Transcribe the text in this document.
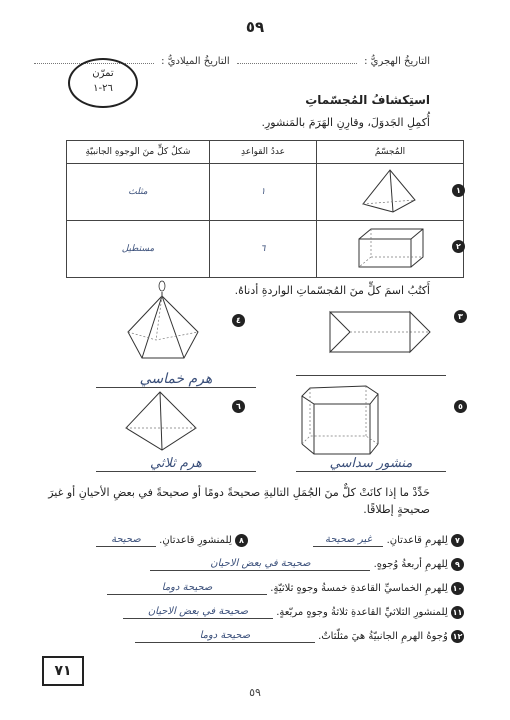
٥٩
التاريخُ الهجريُّ :  التاريخُ الميلاديُّ :
تمرّن
٢٦-١
استِكشافُ المُجسّماتِ
أُكمِلِ الجَدوَلَ، وقارِنِ الهَرَمَ بالمَنشورِ.
شكلُ كلٍّ منَ الوجوهِ الجانبيّةِ	عددُ القواعدِ	المُجسّمُ
مثلث	١	
مستطيل	٦	
١
٢
أَكتُبُ اسمَ كلٍّ منَ المُجسّماتِ الواردةِ أدناهُ.
٣
٤
هرم خماسي
٥
منشور سداسي
٦
هرم ثلاثي
حَدِّدْ ما إذا كانَتْ كلٌّ منَ الجُمَلِ التاليةِ صحيحةً دومًا أو صحيحةً في بعضِ الأحيانِ أو غيرَ صحيحةٍ إطلاقًا.
٧ لِلهرمِ قاعدتانِ. غير صحيحة
٨ لِلمنشورِ قاعدتانِ. صحيحة
٩ لِلهرمِ أربعةُ وُجوهٍ. صحيحة في بعض الاحيان
١٠ لِلهرمِ الخماسيِّ القاعدةِ خمسةُ وجوهٍ ثلاثيّةٍ. صحيحة دوما
١١ لِلمنشورِ الثلاثيِّ القاعدةِ ثلاثةُ وجوهٍ مربّعةٍ. صحيحة في بعض الاحيان
١٢ وُجوهُ الهرمِ الجانبيّةُ هيَ مثلّثاتٌ. صحيحة دوما
٧١
٥٩
